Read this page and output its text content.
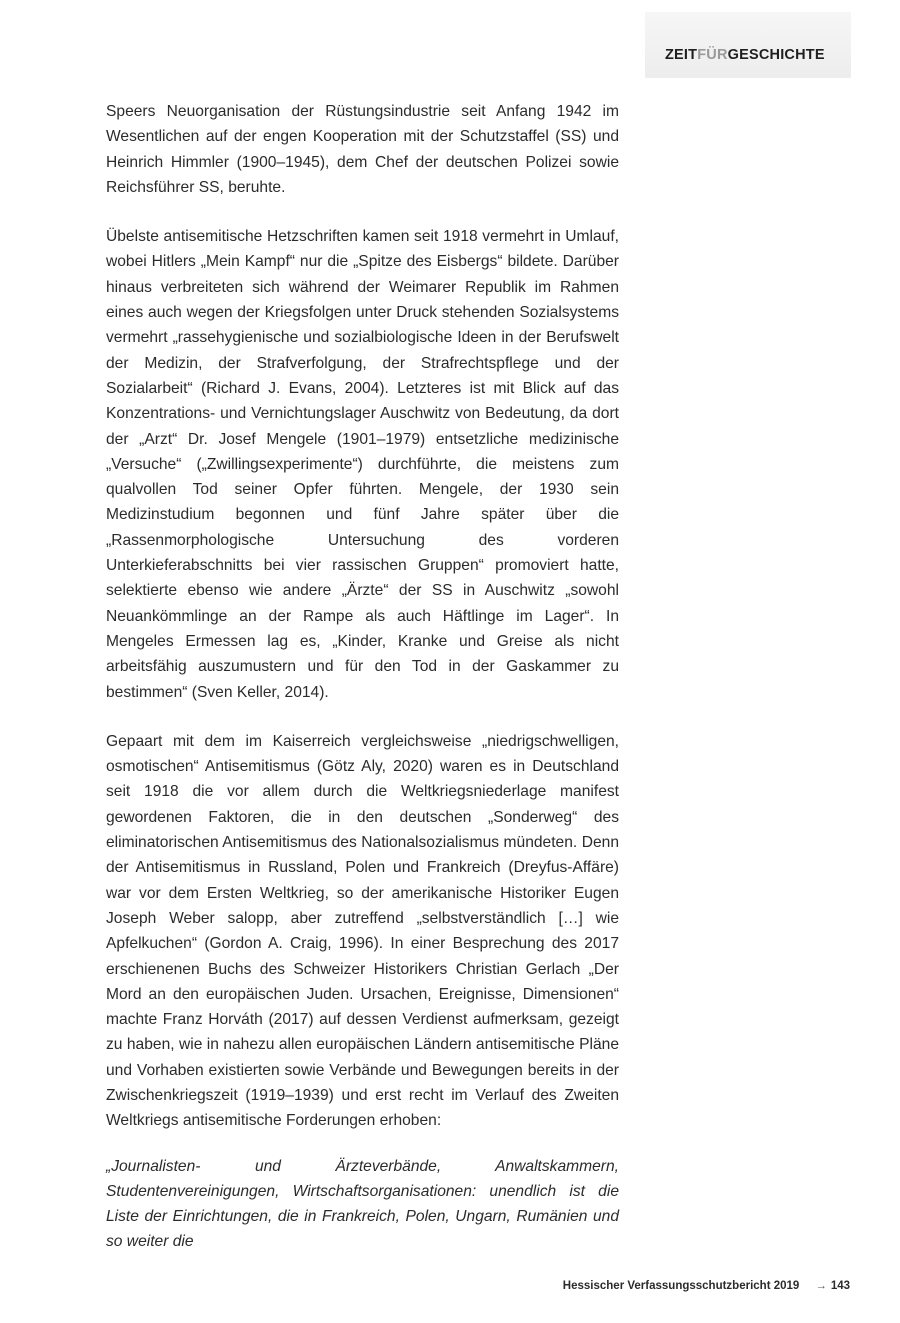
ZEITFÜRGESCHICHTE

Speers Neuorganisation der Rüstungsindustrie seit Anfang 1942 im Wesentlichen auf der engen Kooperation mit der Schutzstaffel (SS) und Heinrich Himmler (1900–1945), dem Chef der deutschen Polizei sowie Reichsführer SS, beruhte.

Übelste antisemitische Hetzschriften kamen seit 1918 vermehrt in Umlauf, wobei Hitlers „Mein Kampf“ nur die „Spitze des Eisbergs“ bildete. Darüber hinaus verbreiteten sich während der Weimarer Republik im Rahmen eines auch wegen der Kriegsfolgen unter Druck stehenden Sozialsystems vermehrt „rassehygienische und sozialbiologische Ideen in der Berufswelt der Medizin, der Strafverfolgung, der Strafrechtspflege und der Sozialarbeit“ (Richard J. Evans, 2004). Letzteres ist mit Blick auf das Konzentrations- und Vernichtungslager Auschwitz von Bedeutung, da dort der „Arzt“ Dr. Josef Mengele (1901–1979) entsetzliche medizinische „Versuche“ („Zwillingsexperimente“) durchführte, die meistens zum qualvollen Tod seiner Opfer führten. Mengele, der 1930 sein Medizinstudium begonnen und fünf Jahre später über die „Rassenmorphologische Untersuchung des vorderen Unterkieferabschnitts bei vier rassischen Gruppen“ promoviert hatte, selektierte ebenso wie andere „Ärzte“ der SS in Auschwitz „sowohl Neuankömmlinge an der Rampe als auch Häftlinge im Lager“. In Mengeles Ermessen lag es, „Kinder, Kranke und Greise als nicht arbeitsfähig auszumustern und für den Tod in der Gaskammer zu bestimmen“ (Sven Keller, 2014).

Gepaart mit dem im Kaiserreich vergleichsweise „niedrigschwelligen, osmotischen“ Antisemitismus (Götz Aly, 2020) waren es in Deutschland seit 1918 die vor allem durch die Weltkriegsniederlage manifest gewordenen Faktoren, die in den deutschen „Sonderweg“ des eliminatorischen Antisemitismus des Nationalsozialismus mündeten. Denn der Antisemitismus in Russland, Polen und Frankreich (Dreyfus-Affäre) war vor dem Ersten Weltkrieg, so der amerikanische Historiker Eugen Joseph Weber salopp, aber zutreffend „selbstverständlich […] wie Apfelkuchen“ (Gordon A. Craig, 1996). In einer Besprechung des 2017 erschienenen Buchs des Schweizer Historikers Christian Gerlach „Der Mord an den europäischen Juden. Ursachen, Ereignisse, Dimensionen“ machte Franz Horváth (2017) auf dessen Verdienst aufmerksam, gezeigt zu haben, wie in nahezu allen europäischen Ländern antisemitische Pläne und Vorhaben existierten sowie Verbände und Bewegungen bereits in der Zwischenkriegszeit (1919–1939) und erst recht im Verlauf des Zweiten Weltkriegs antisemitische Forderungen erhoben:

„Journalisten- und Ärzteverbände, Anwaltskammern, Studentenvereinigungen, Wirtschaftsorganisationen: unendlich ist die Liste der Einrichtungen, die in Frankreich, Polen, Ungarn, Rumänien und so weiter die

Hessischer Verfassungsschutzbericht 2019 → 143
